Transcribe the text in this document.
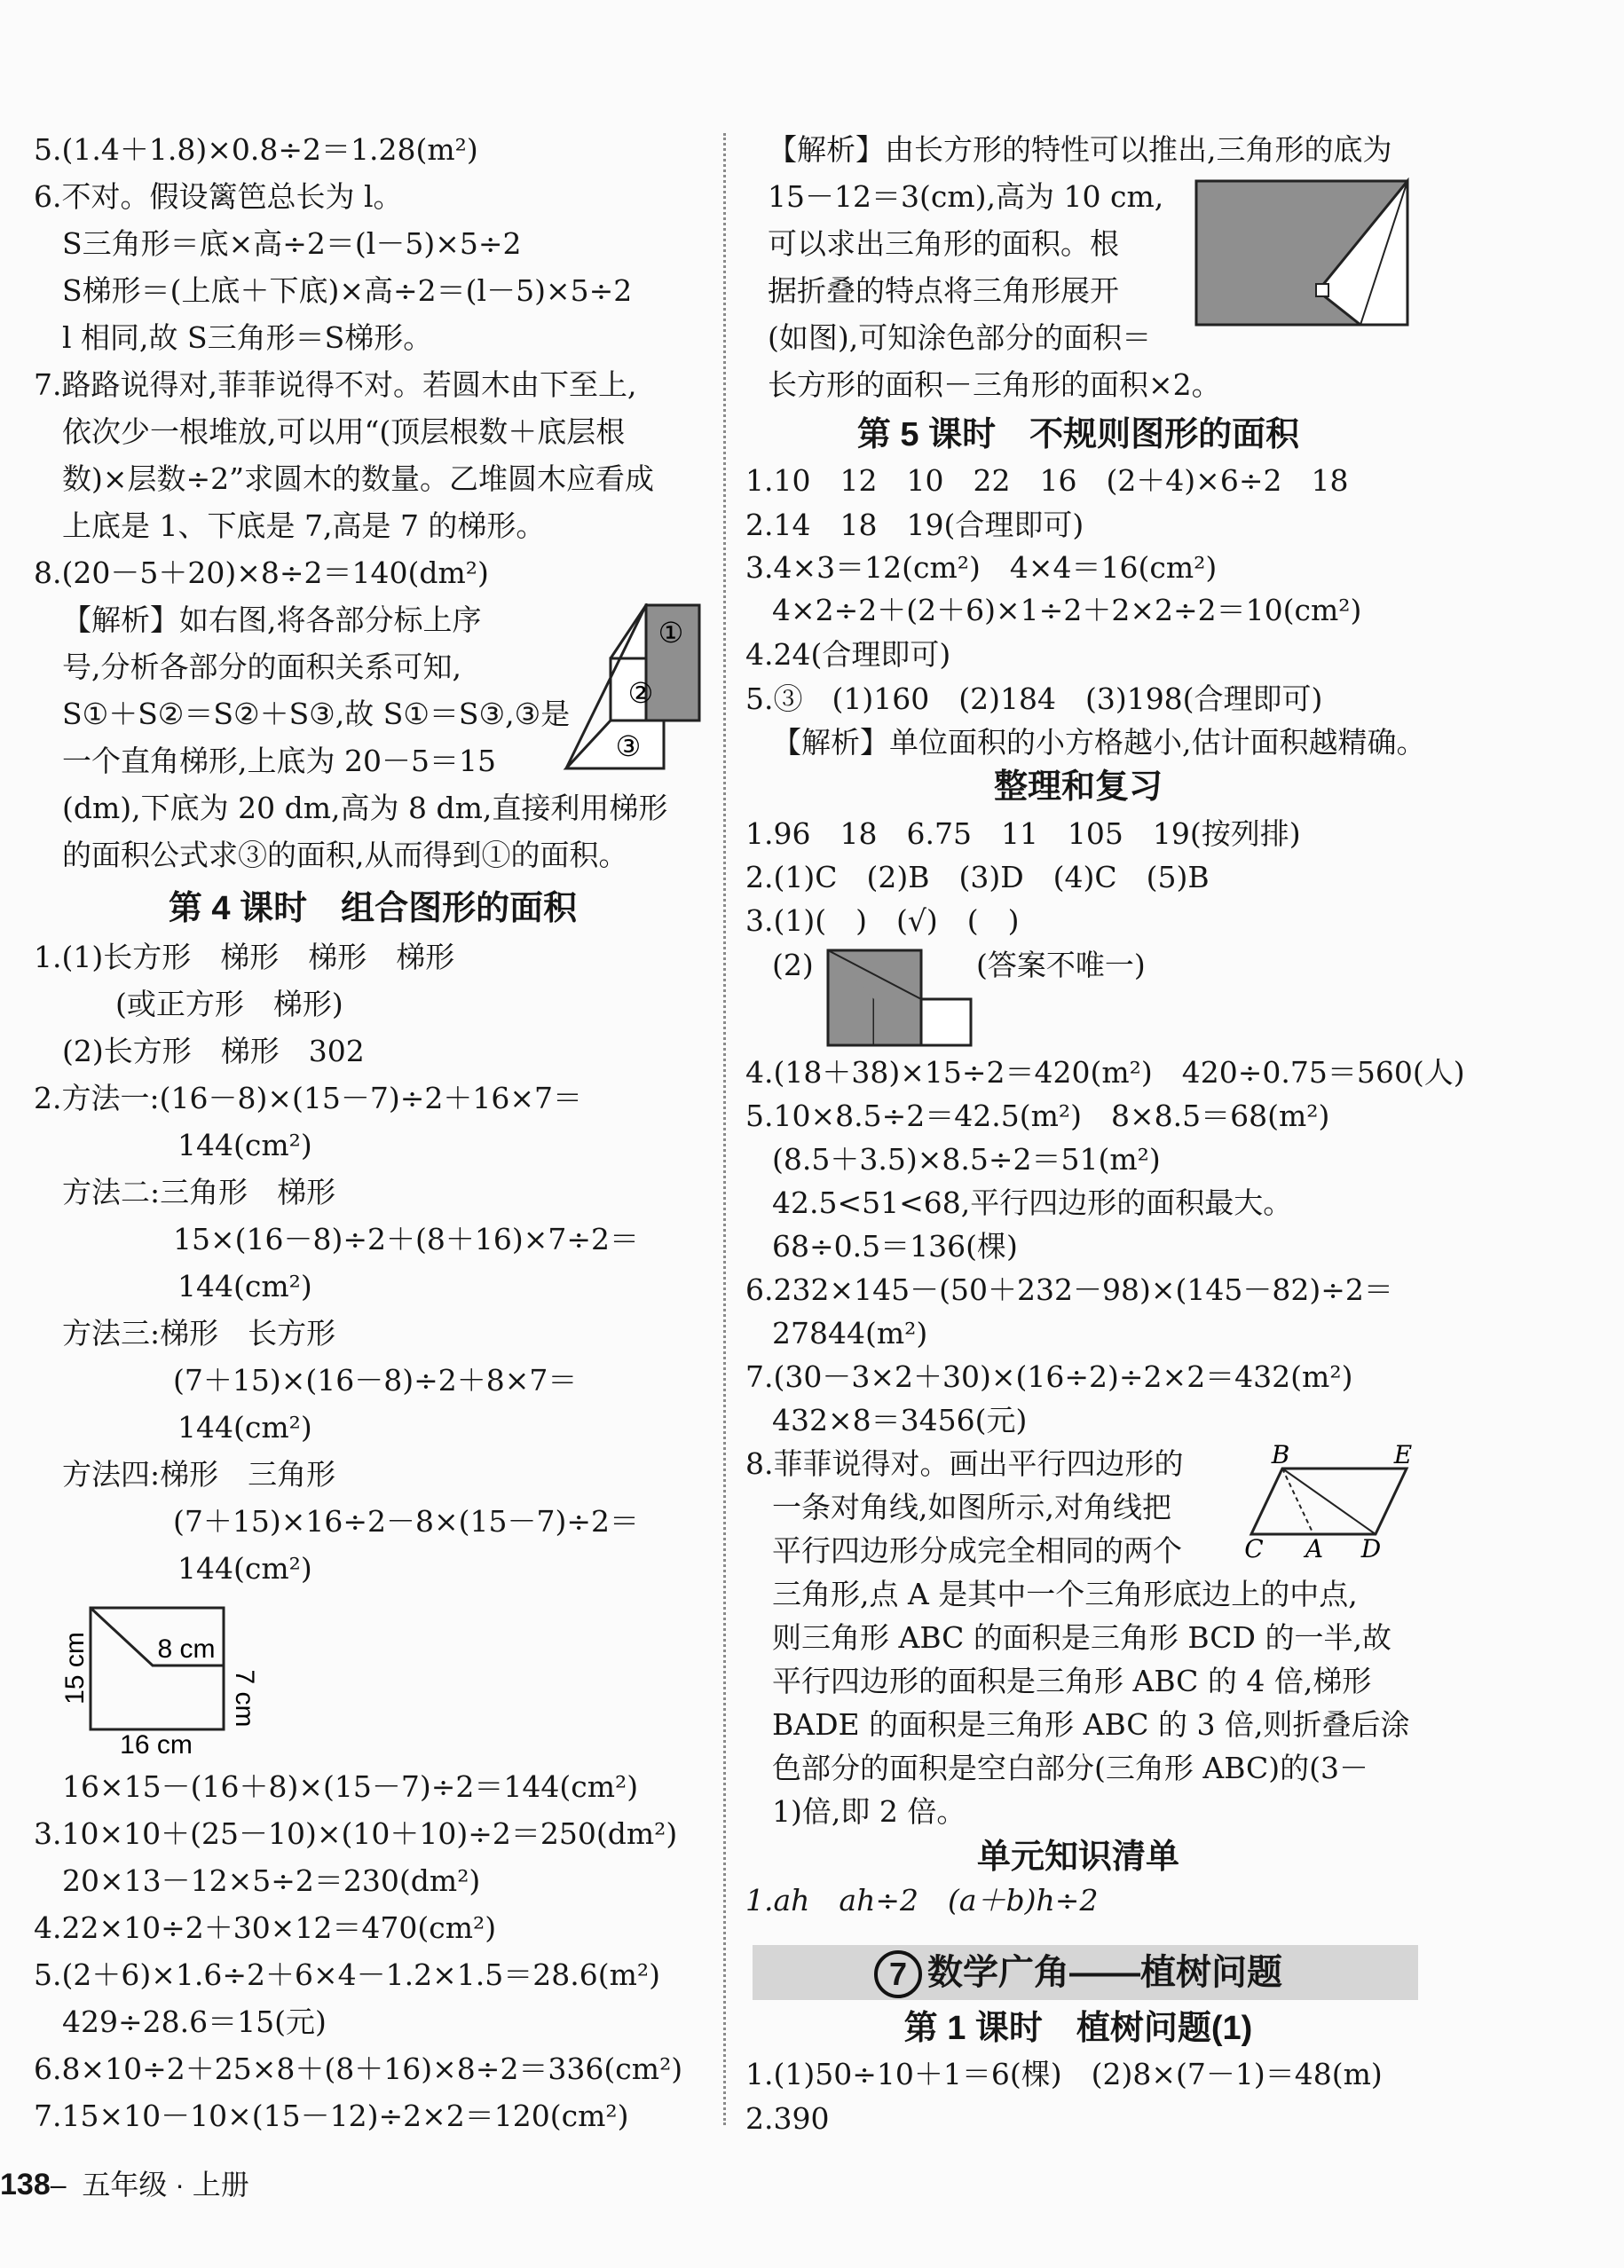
5.(1.4＋1.8)×0.8÷2＝1.28(m²)
6.不对。假设篱笆总长为 l。
S三角形＝底×高÷2＝(l－5)×5÷2
S梯形＝(上底＋下底)×高÷2＝(l－5)×5÷2
l 相同,故 S三角形＝S梯形。
7.路路说得对,菲菲说得不对。若圆木由下至上,
依次少一根堆放,可以用“(顶层根数＋底层根
数)×层数÷2”求圆木的数量。乙堆圆木应看成
上底是 1、下底是 7,高是 7 的梯形。
8.(20－5＋20)×8÷2＝140(dm²)
【解析】如右图,将各部分标上序
号,分析各部分的面积关系可知,
S①＋S②＝S②＋S③,故 S①＝S③,③是
一个直角梯形,上底为 20－5＝15
(dm),下底为 20 dm,高为 8 dm,直接利用梯形
的面积公式求③的面积,从而得到①的面积。
①
②
③
第 4 课时　组合图形的面积
1.(1)长方形　梯形　梯形　梯形
(或正方形　梯形)
(2)长方形　梯形　302
2.方法一:(16－8)×(15－7)÷2＋16×7＝
144(cm²)
方法二:三角形　梯形
15×(16－8)÷2＋(8＋16)×7÷2＝
144(cm²)
方法三:梯形　长方形
(7＋15)×(16－8)÷2＋8×7＝
144(cm²)
方法四:梯形　三角形
(7＋15)×16÷2－8×(15－7)÷2＝
144(cm²)
8 cm
15 cm	7 cm
16 cm
16×15－(16＋8)×(15－7)÷2＝144(cm²)
3.10×10＋(25－10)×(10＋10)÷2＝250(dm²)
20×13－12×5÷2＝230(dm²)
4.22×10÷2＋30×12＝470(cm²)
5.(2＋6)×1.6÷2＋6×4－1.2×1.5＝28.6(m²)
429÷28.6＝15(元)
6.8×10÷2＋25×8＋(8＋16)×8÷2＝336(cm²)
7.15×10－10×(15－12)÷2×2＝120(cm²)
【解析】由长方形的特性可以推出,三角形的底为
15－12＝3(cm),高为 10 cm,
可以求出三角形的面积。根
据折叠的特点将三角形展开
(如图),可知涂色部分的面积＝
长方形的面积－三角形的面积×2。
第 5 课时　不规则图形的面积
1.10　12　10　22　16　(2＋4)×6÷2　18
2.14　18　19(合理即可)
3.4×3＝12(cm²)　4×4＝16(cm²)
4×2÷2＋(2＋6)×1÷2＋2×2÷2＝10(cm²)
4.24(合理即可)
5.③　(1)160　(2)184　(3)198(合理即可)
【解析】单位面积的小方格越小,估计面积越精确。
整理和复习
1.96　18　6.75　11　105　19(按列排)
2.(1)C　(2)B　(3)D　(4)C　(5)B
3.(1)(　)　(√)　(　)
(2)	(答案不唯一)
4.(18＋38)×15÷2＝420(m²)　420÷0.75＝560(人)
5.10×8.5÷2＝42.5(m²)　8×8.5＝68(m²)
(8.5＋3.5)×8.5÷2＝51(m²)
42.5<51<68,平行四边形的面积最大。
68÷0.5＝136(棵)
6.232×145－(50＋232－98)×(145－82)÷2＝
27844(m²)
7.(30－3×2＋30)×(16÷2)÷2×2＝432(m²)
432×8＝3456(元)
8.菲菲说得对。画出平行四边形的
一条对角线,如图所示,对角线把
平行四边形分成完全相同的两个
三角形,点 A 是其中一个三角形底边上的中点,
则三角形 ABC 的面积是三角形 BCD 的一半,故
平行四边形的面积是三角形 ABC 的 4 倍,梯形
BADE 的面积是三角形 ABC 的 3 倍,则折叠后涂
色部分的面积是空白部分(三角形 ABC)的(3－
1)倍,即 2 倍。
B	E
C A D
单元知识清单
1.ah　ah÷2　(a＋b)h÷2
7 数学广角——植树问题
第 1 课时　植树问题(1)
1.(1)50÷10＋1＝6(棵)　(2)8×(7－1)＝48(m)
2.390
138– 五年级 · 上册
